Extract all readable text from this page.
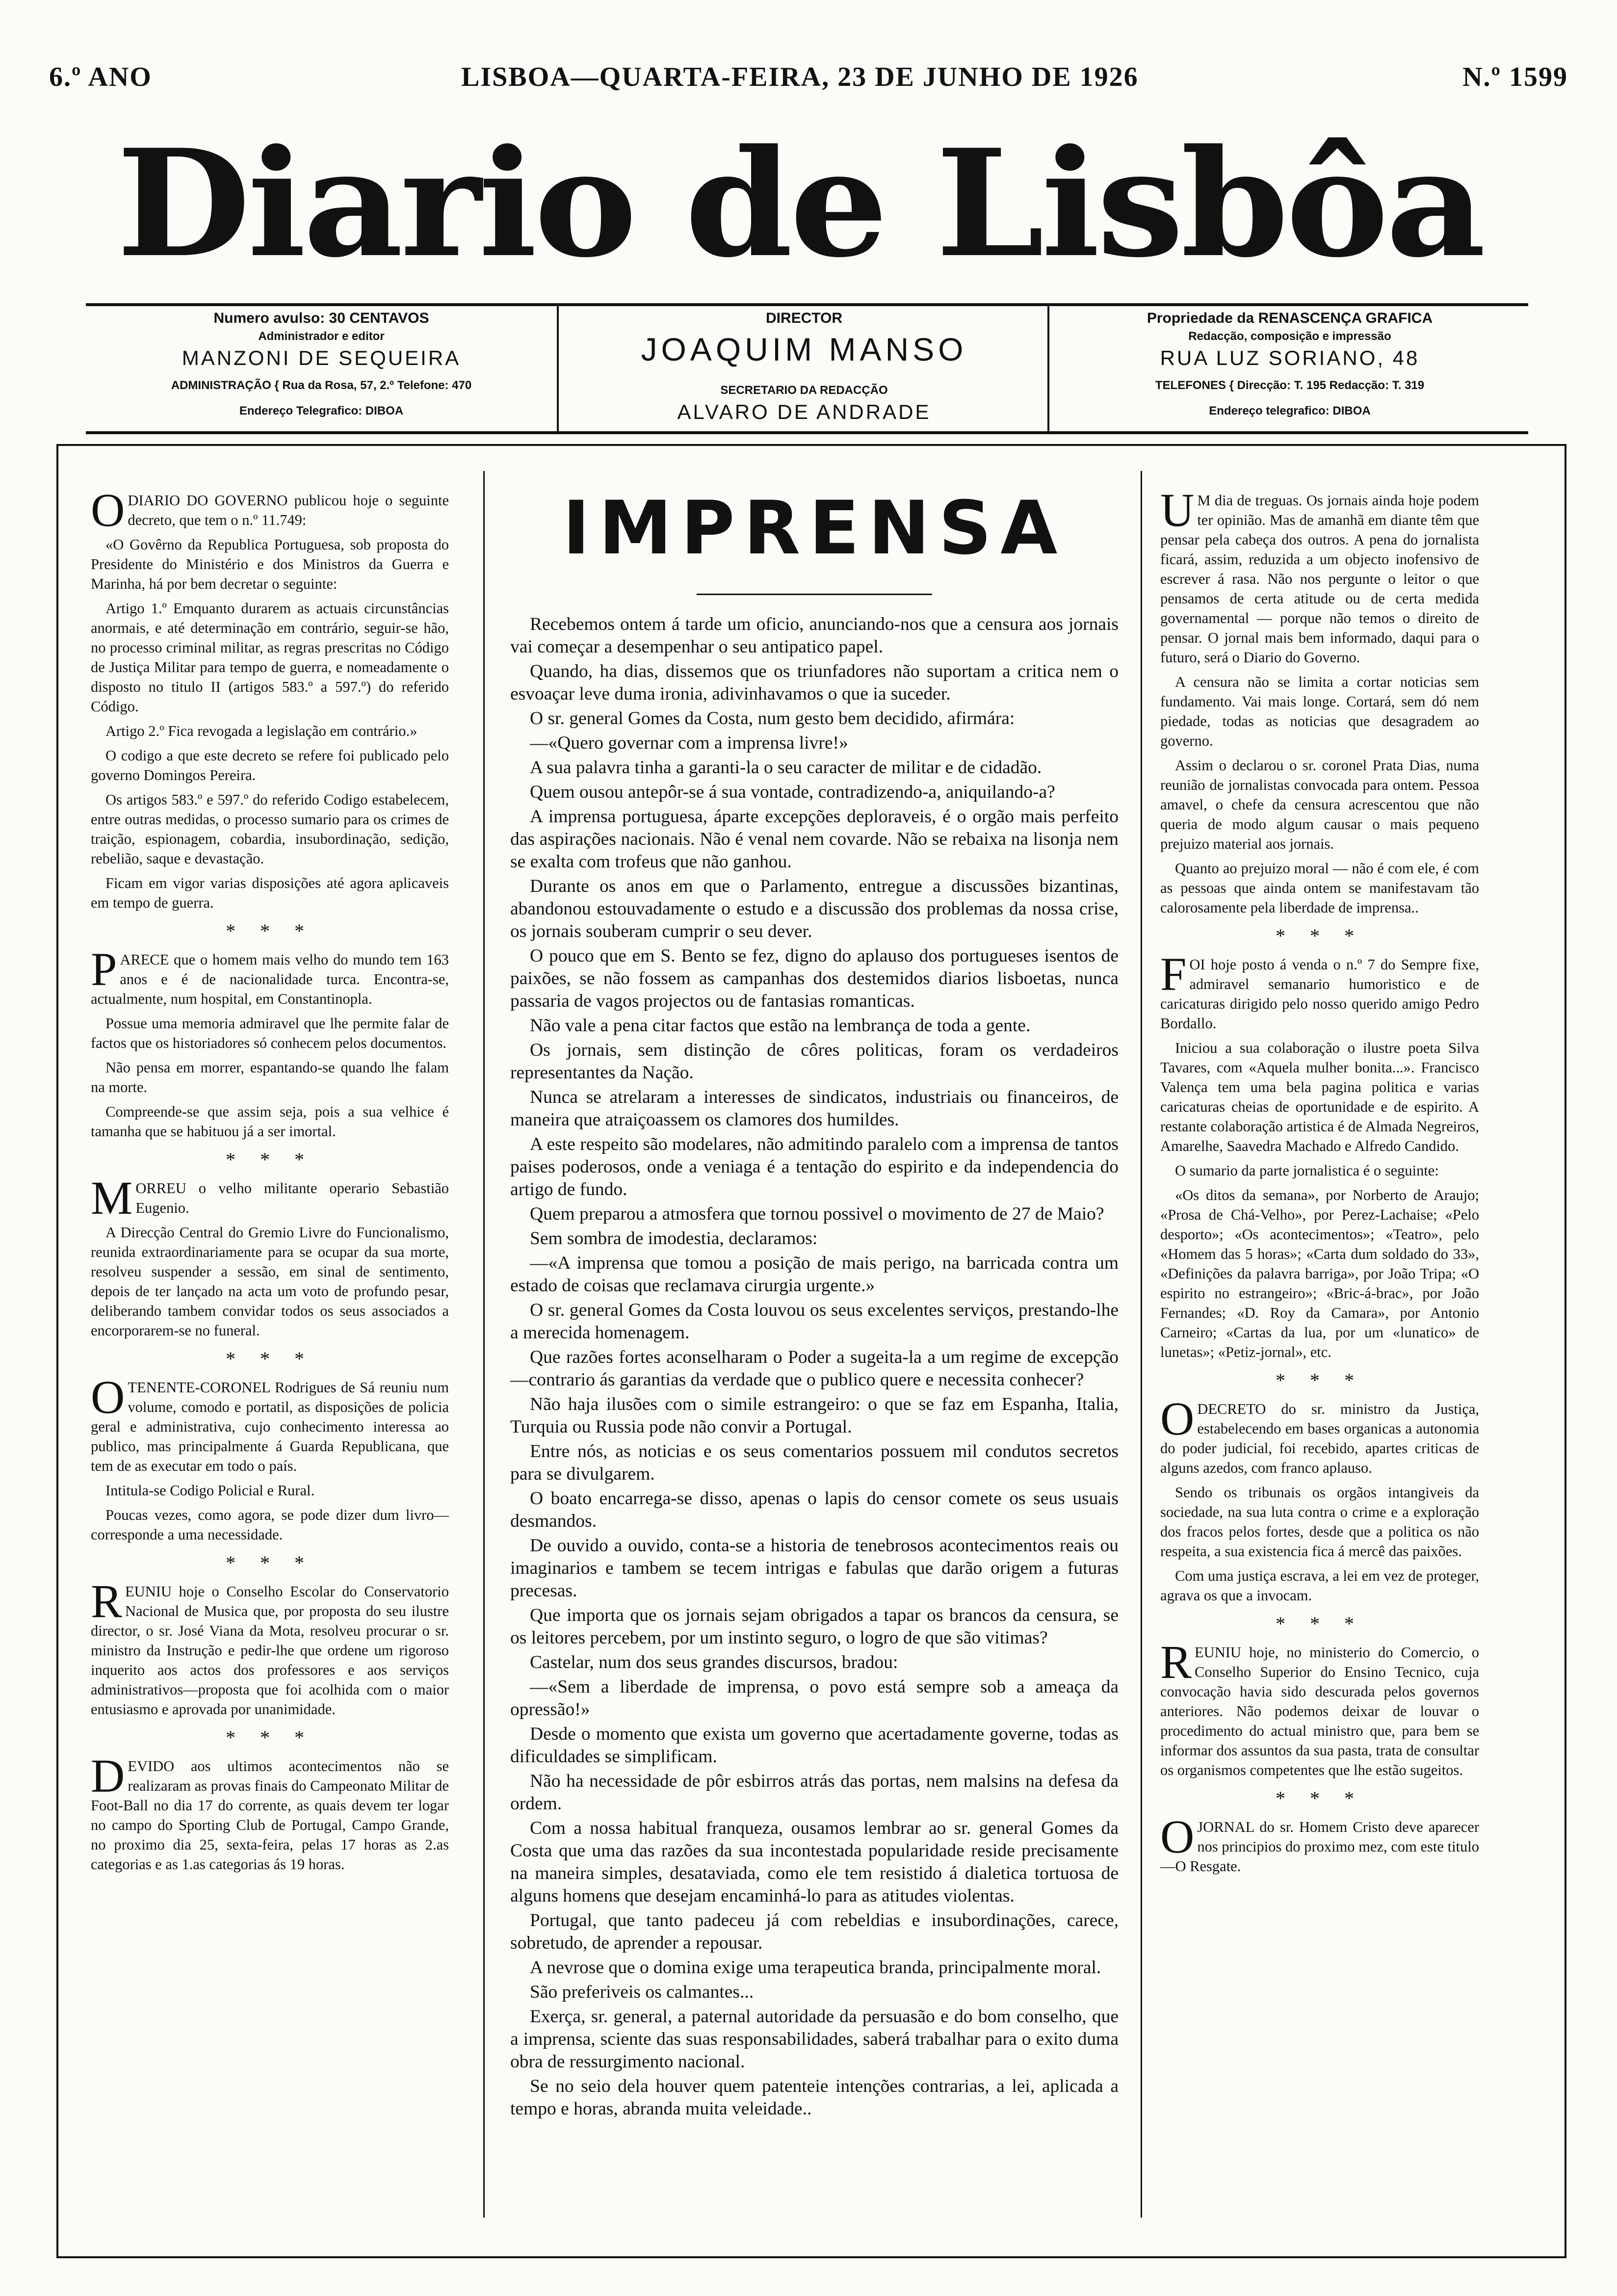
6.º ANO	LISBOA—QUARTA-FEIRA, 23 DE JUNHO DE 1926	N.º 1599
Diario de Lisbôa
Numero avulso: 30 CENTAVOS
Administrador e editor
MANZONI DE SEQUEIRA
ADMINISTRAÇÃO { Rua da Rosa, 57, 2.º Telefone: 470
Endereço Telegrafico: DIBOA
DIRECTOR
JOAQUIM MANSO
SECRETARIO DA REDACÇÃO
ALVARO DE ANDRADE
Propriedade da RENASCENÇA GRAFICA
Redacção, composição e impressão
RUA LUZ SORIANO, 48
TELEFONES { Direcção: T. 195 Redacção: T. 319
Endereço telegrafico: DIBOA
IMPRENSA

ODIARIO DO GOVERNO publicou hoje o seguinte decreto, que tem o n.º 11.749:

«O Govêrno da Republica Portuguesa, sob proposta do Presidente do Ministério e dos Ministros da Guerra e Marinha, há por bem decretar o seguinte:

Artigo 1.º Emquanto durarem as actuais circunstâncias anormais, e até determinação em contrário, seguir-se hão, no processo criminal militar, as regras prescritas no Código de Justiça Militar para tempo de guerra, e nomeadamente o disposto no titulo II (artigos 583.º a 597.º) do referido Código.

Artigo 2.º Fica revogada a legislação em contrário.»

O codigo a que este decreto se refere foi publicado pelo governo Domingos Pereira.

Os artigos 583.º e 597.º do referido Codigo estabelecem, entre outras medidas, o processo sumario para os crimes de traição, espionagem, cobardia, insubordinação, sedição, rebelião, saque e devastação.

Ficam em vigor varias disposições até agora aplicaveis em tempo de guerra.

* * *

PARECE que o homem mais velho do mundo tem 163 anos e é de nacionalidade turca. Encontra-se, actualmente, num hospital, em Constantinopla.

Possue uma memoria admiravel que lhe permite falar de factos que os historiadores só conhecem pelos documentos.

Não pensa em morrer, espantando-se quando lhe falam na morte.

Compreende-se que assim seja, pois a sua velhice é tamanha que se habituou já a ser imortal.

* * *

MORREU o velho militante operario Sebastião Eugenio.

A Direcção Central do Gremio Livre do Funcionalismo, reunida extraordinariamente para se ocupar da sua morte, resolveu suspender a sessão, em sinal de sentimento, depois de ter lançado na acta um voto de profundo pesar, deliberando tambem convidar todos os seus associados a encorporarem-se no funeral.

* * *

OTENENTE-CORONEL Rodrigues de Sá reuniu num volume, comodo e portatil, as disposições de policia geral e administrativa, cujo conhecimento interessa ao publico, mas principalmente á Guarda Republicana, que tem de as executar em todo o país.

Intitula-se Codigo Policial e Rural.

Poucas vezes, como agora, se pode dizer dum livro—corresponde a uma necessidade.

* * *

REUNIU hoje o Conselho Escolar do Conservatorio Nacional de Musica que, por proposta do seu ilustre director, o sr. José Viana da Mota, resolveu procurar o sr. ministro da Instrução e pedir-lhe que ordene um rigoroso inquerito aos actos dos professores e aos serviços administrativos—proposta que foi acolhida com o maior entusiasmo e aprovada por unanimidade.

* * *

DEVIDO aos ultimos acontecimentos não se realizaram as provas finais do Campeonato Militar de Foot-Ball no dia 17 do corrente, as quais devem ter logar no campo do Sporting Club de Portugal, Campo Grande, no proximo dia 25, sexta-feira, pelas 17 horas as 2.as categorias e as 1.as categorias ás 19 horas.

Recebemos ontem á tarde um oficio, anunciando-nos que a censura aos jornais vai começar a desempenhar o seu antipatico papel.

Quando, ha dias, dissemos que os triunfadores não suportam a critica nem o esvoaçar leve duma ironia, adivinhavamos o que ia suceder.

O sr. general Gomes da Costa, num gesto bem decidido, afirmára:

—«Quero governar com a imprensa livre!»

A sua palavra tinha a garanti-la o seu caracter de militar e de cidadão.

Quem ousou antepôr-se á sua vontade, contradizendo-a, aniquilando-a?

A imprensa portuguesa, áparte excepções deploraveis, é o orgão mais perfeito das aspirações nacionais. Não é venal nem covarde. Não se rebaixa na lisonja nem se exalta com trofeus que não ganhou.

Durante os anos em que o Parlamento, entregue a discussões bizantinas, abandonou estouvadamente o estudo e a discussão dos problemas da nossa crise, os jornais souberam cumprir o seu dever.

O pouco que em S. Bento se fez, digno do aplauso dos portugueses isentos de paixões, se não fossem as campanhas dos destemidos diarios lisboetas, nunca passaria de vagos projectos ou de fantasias romanticas.

Não vale a pena citar factos que estão na lembrança de toda a gente.

Os jornais, sem distinção de côres politicas, foram os verdadeiros representantes da Nação.

Nunca se atrelaram a interesses de sindicatos, industriais ou financeiros, de maneira que atraiçoassem os clamores dos humildes.

A este respeito são modelares, não admitindo paralelo com a imprensa de tantos paises poderosos, onde a veniaga é a tentação do espirito e da independencia do artigo de fundo.

Quem preparou a atmosfera que tornou possivel o movimento de 27 de Maio?

Sem sombra de imodestia, declaramos:

—«A imprensa que tomou a posição de mais perigo, na barricada contra um estado de coisas que reclamava cirurgia urgente.»

O sr. general Gomes da Costa louvou os seus excelentes serviços, prestando-lhe a merecida homenagem.

Que razões fortes aconselharam o Poder a sugeita-la a um regime de excepção—contrario ás garantias da verdade que o publico quere e necessita conhecer?

Não haja ilusões com o simile estrangeiro: o que se faz em Espanha, Italia, Turquia ou Russia pode não convir a Portugal.

Entre nós, as noticias e os seus comentarios possuem mil condutos secretos para se divulgarem.

O boato encarrega-se disso, apenas o lapis do censor comete os seus usuais desmandos.

De ouvido a ouvido, conta-se a historia de tenebrosos acontecimentos reais ou imaginarios e tambem se tecem intrigas e fabulas que darão origem a futuras precesas.

Que importa que os jornais sejam obrigados a tapar os brancos da censura, se os leitores percebem, por um instinto seguro, o logro de que são vitimas?

Castelar, num dos seus grandes discursos, bradou:

—«Sem a liberdade de imprensa, o povo está sempre sob a ameaça da opressão!»

Desde o momento que exista um governo que acertadamente governe, todas as dificuldades se simplificam.

Não ha necessidade de pôr esbirros atrás das portas, nem malsins na defesa da ordem.

Com a nossa habitual franqueza, ousamos lembrar ao sr. general Gomes da Costa que uma das razões da sua incontestada popularidade reside precisamente na maneira simples, desataviada, como ele tem resistido á dialetica tortuosa de alguns homens que desejam encaminhá-lo para as atitudes violentas.

Portugal, que tanto padeceu já com rebeldias e insubordinações, carece, sobretudo, de aprender a repousar.

A nevrose que o domina exige uma terapeutica branda, principalmente moral.

São preferiveis os calmantes...

Exerça, sr. general, a paternal autoridade da persuasão e do bom conselho, que a imprensa, sciente das suas responsabilidades, saberá trabalhar para o exito duma obra de ressurgimento nacional.

Se no seio dela houver quem patenteie intenções contrarias, a lei, aplicada a tempo e horas, abranda muita veleidade..

UM dia de treguas. Os jornais ainda hoje podem ter opinião. Mas de amanhã em diante têm que pensar pela cabeça dos outros. A pena do jornalista ficará, assim, reduzida a um objecto inofensivo de escrever á rasa. Não nos pergunte o leitor o que pensamos de certa atitude ou de certa medida governamental — porque não temos o direito de pensar. O jornal mais bem informado, daqui para o futuro, será o Diario do Governo.

A censura não se limita a cortar noticias sem fundamento. Vai mais longe. Cortará, sem dó nem piedade, todas as noticias que desagradem ao governo.

Assim o declarou o sr. coronel Prata Dias, numa reunião de jornalistas convocada para ontem. Pessoa amavel, o chefe da censura acrescentou que não queria de modo algum causar o mais pequeno prejuizo material aos jornais.

Quanto ao prejuizo moral — não é com ele, é com as pessoas que ainda ontem se manifestavam tão calorosamente pela liberdade de imprensa..

* * *

FOI hoje posto á venda o n.º 7 do Sempre fixe, admiravel semanario humoristico e de caricaturas dirigido pelo nosso querido amigo Pedro Bordallo.

Iniciou a sua colaboração o ilustre poeta Silva Tavares, com «Aquela mulher bonita...». Francisco Valença tem uma bela pagina politica e varias caricaturas cheias de oportunidade e de espirito. A restante colaboração artistica é de Almada Negreiros, Amarelhe, Saavedra Machado e Alfredo Candido.

O sumario da parte jornalistica é o seguinte:

«Os ditos da semana», por Norberto de Araujo; «Prosa de Chá-Velho», por Perez-Lachaise; «Pelo desporto»; «Os acontecimentos»; «Teatro», pelo «Homem das 5 horas»; «Carta dum soldado do 33», «Definições da palavra barriga», por João Tripa; «O espirito no estrangeiro»; «Bric-á-brac», por João Fernandes; «D. Roy da Camara», por Antonio Carneiro; «Cartas da lua, por um «lunatico» de lunetas»; «Petiz-jornal», etc.

* * *

ODECRETO do sr. ministro da Justiça, estabelecendo em bases organicas a autonomia do poder judicial, foi recebido, apartes criticas de alguns azedos, com franco aplauso.

Sendo os tribunais os orgãos intangiveis da sociedade, na sua luta contra o crime e a exploração dos fracos pelos fortes, desde que a politica os não respeita, a sua existencia fica á mercê das paixões.

Com uma justiça escrava, a lei em vez de proteger, agrava os que a invocam.

* * *

REUNIU hoje, no ministerio do Comercio, o Conselho Superior do Ensino Tecnico, cuja convocação havia sido descurada pelos governos anteriores. Não podemos deixar de louvar o procedimento do actual ministro que, para bem se informar dos assuntos da sua pasta, trata de consultar os organismos competentes que lhe estão sugeitos.

* * *

OJORNAL do sr. Homem Cristo deve aparecer nos principios do proximo mez, com este titulo—O Resgate.
